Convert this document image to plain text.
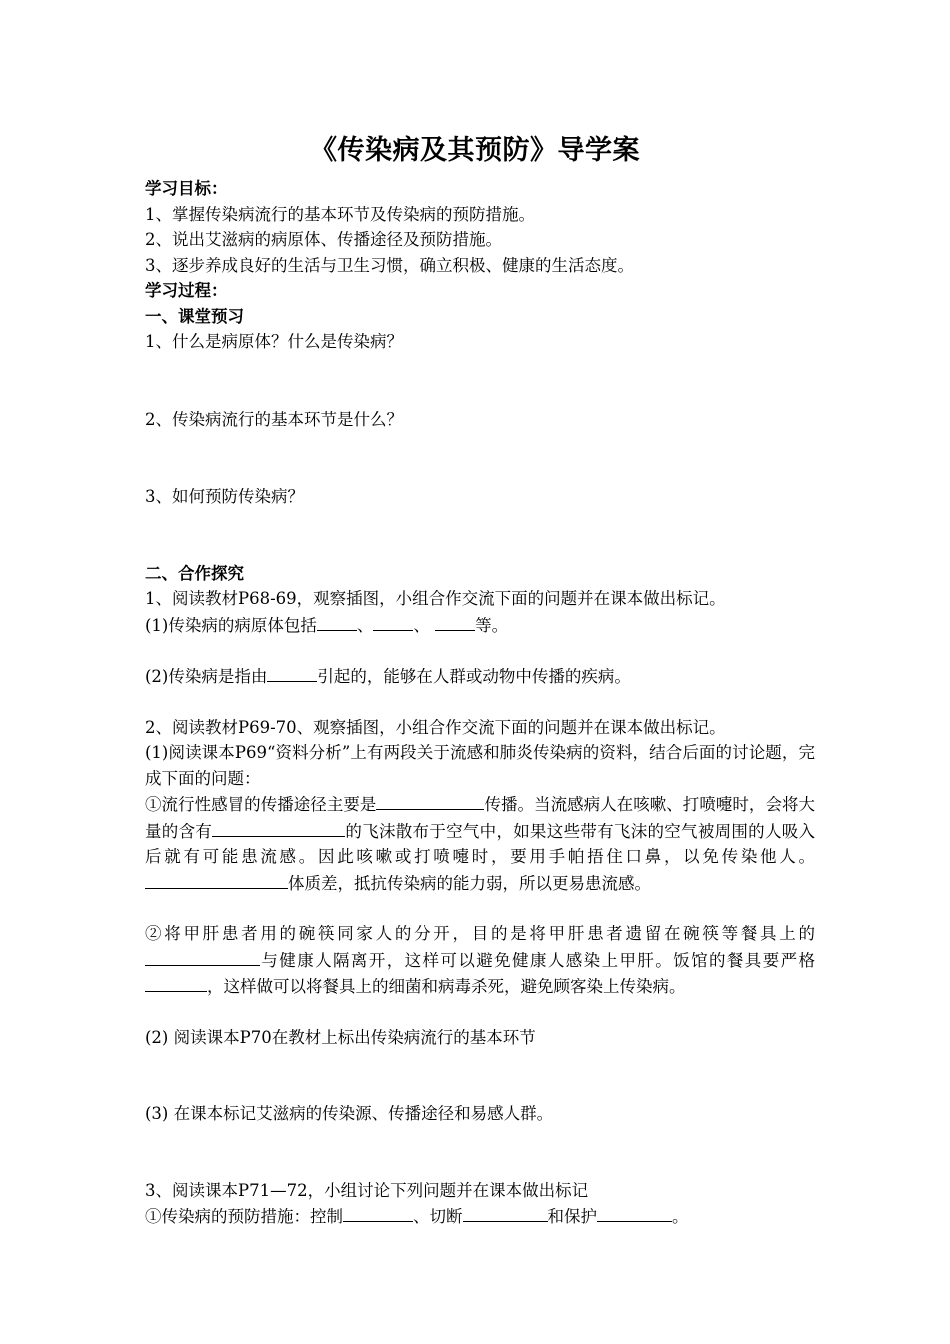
《传染病及其预防》导学案

学习目标：

1、掌握传染病流行的基本环节及传染病的预防措施。

2、说出艾滋病的病原体、传播途径及预防措施。

3、逐步养成良好的生活与卫生习惯，确立积极、健康的生活态度。

学习过程：

一、课堂预习

1、什么是病原体？什么是传染病？

2、传染病流行的基本环节是什么？

3、如何预防传染病？

二、合作探究

1、阅读教材P68-69，观察插图，小组合作交流下面的问题并在课本做出标记。

(1)传染病的病原体包括 、 、 等。

(2)传染病是指由	引起的，能够在人群或动物中传播的疾病。

2、阅读教材P69-70、观察插图，小组合作交流下面的问题并在课本做出标记。

(1)阅读课本P69“资料分析”上有两段关于流感和肺炎传染病的资料，结合后面的讨论题，完成下面的问题：

①流行性感冒的传播途径主要是	传播。当流感病人在咳嗽、打喷嚏时，会将大量的含有	的飞沫散布于空气中，如果这些带有飞沫的空气被周围的人吸入后就有可能患流感。因此咳嗽或打喷嚏时，要用手帕捂住口鼻，以免传染他人。体质差，抵抗传染病的能力弱，所以更易患流感。

②将甲肝患者用的碗筷同家人的分开，目的是将甲肝患者遗留在碗筷等餐具上的与健康人隔离开，这样可以避免健康人感染上甲肝。饭馆的餐具要严格，这样做可以将餐具上的细菌和病毒杀死，避免顾客染上传染病。

(2) 阅读课本P70在教材上标出传染病流行的基本环节

(3) 在课本标记艾滋病的传染源、传播途径和易感人群。

3、阅读课本P71—72，小组讨论下列问题并在课本做出标记

①传染病的预防措施：控制	、切断	和保护	。
